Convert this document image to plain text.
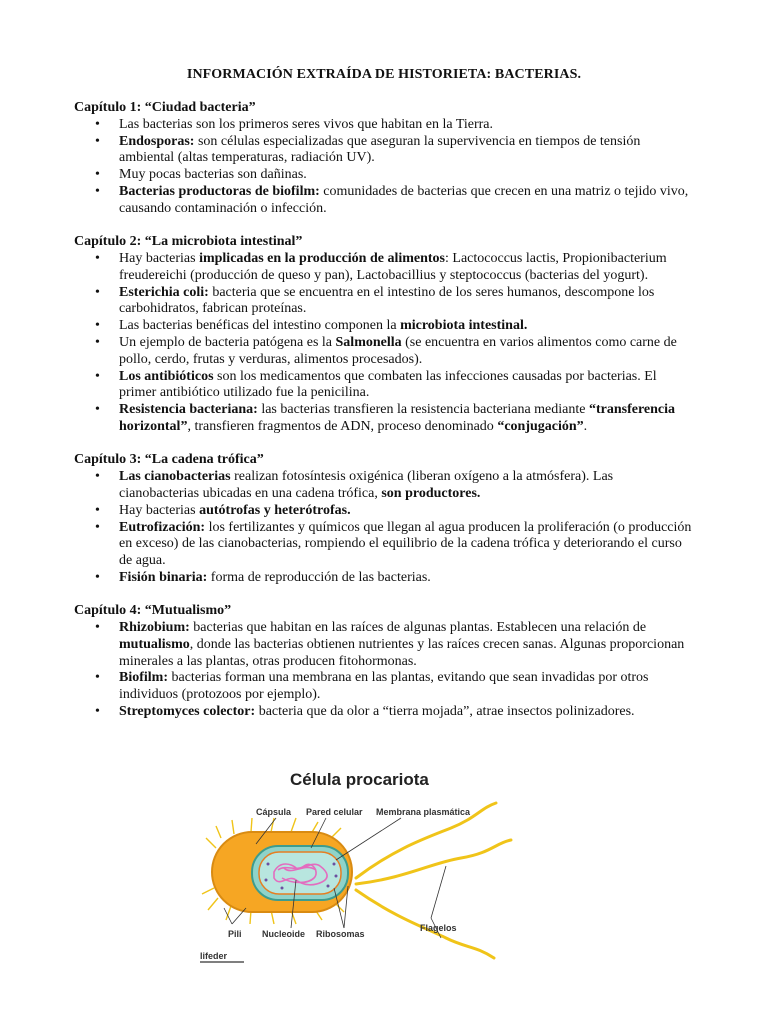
INFORMACIÓN EXTRAÍDA DE HISTORIETA: BACTERIAS.
Capítulo 1: “Ciudad bacteria”
• Las bacterias son los primeros seres vivos que habitan en la Tierra.
• Endosporas: son células especializadas que aseguran la supervivencia en tiempos de tensión ambiental (altas temperaturas, radiación UV).
• Muy pocas bacterias son dañinas.
• Bacterias productoras de biofilm: comunidades de bacterias que crecen en una matriz o tejido vivo, causando contaminación o infección.
Capítulo 2: “La microbiota intestinal”
• Hay bacterias implicadas en la producción de alimentos: Lactococcus lactis, Propionibacterium freudereichi (producción de queso y pan), Lactobacillius y steptococcus (bacterias del yogurt).
• Esterichia coli: bacteria que se encuentra en el intestino de los seres humanos, descompone los carbohidratos, fabrican proteínas.
• Las bacterias benéficas del intestino componen la microbiota intestinal.
• Un ejemplo de bacteria patógena es la Salmonella (se encuentra en varios alimentos como carne de pollo, cerdo, frutas y verduras, alimentos procesados).
• Los antibióticos son los medicamentos que combaten las infecciones causadas por bacterias. El primer antibiótico utilizado fue la penicilina.
• Resistencia bacteriana: las bacterias transfieren la resistencia bacteriana mediante “transferencia horizontal”, transfieren fragmentos de ADN, proceso denominado “conjugación”.
Capítulo 3: “La cadena trófica”
• Las cianobacterias realizan fotosíntesis oxigénica (liberan oxígeno a la atmósfera). Las cianobacterias ubicadas en una cadena trófica, son productores.
• Hay bacterias autótrofas y heterótrofas.
• Eutrofización: los fertilizantes y químicos que llegan al agua producen la proliferación (o producción en exceso) de las cianobacterias, rompiendo el equilibrio de la cadena trófica y deteriorando el curso de agua.
• Fisión binaria: forma de reproducción de las bacterias.
Capítulo 4: “Mutualismo”
• Rhizobium: bacterias que habitan en las raíces de algunas plantas. Establecen una relación de mutualismo, donde las bacterias obtienen nutrientes y las raíces crecen sanas. Algunas proporcionan minerales a las plantas, otras producen fitohormonas.
• Biofilm: bacterias forman una membrana en las plantas, evitando que sean invadidas por otros individuos (protozoos por ejemplo).
• Streptomyces colector: bacteria que da olor a “tierra mojada”, atrae insectos polinizadores.
Célula procariota
Cápsula Pared celular Membrana plasmática
Pili Nucleoide Ribosomas
Flagelos
lifeder
